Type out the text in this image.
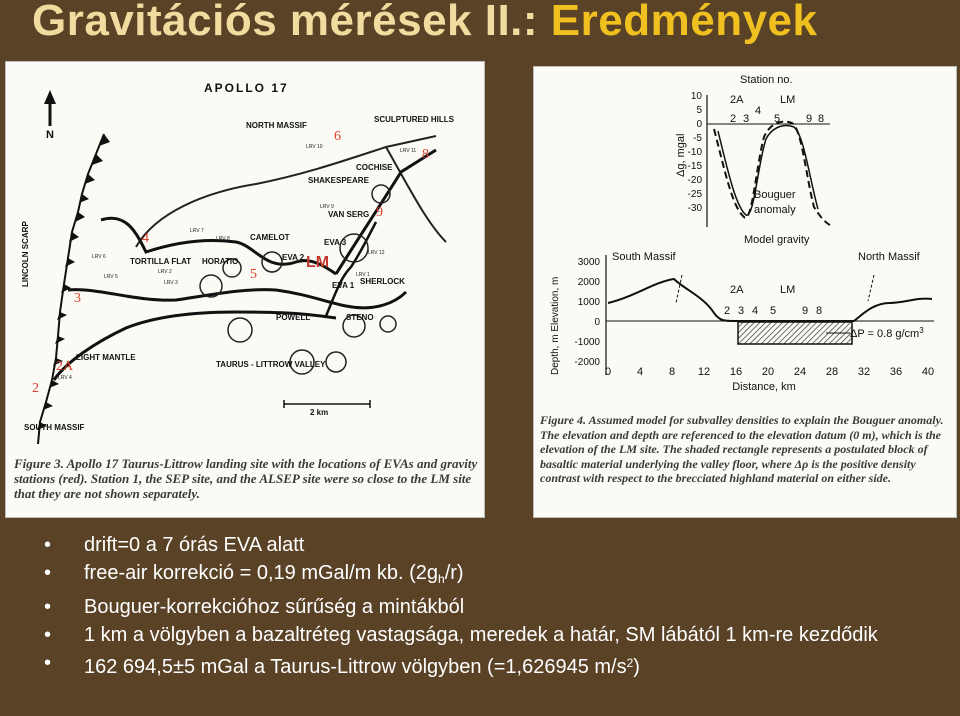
Gravitációs mérések II.: Eredmények
APOLLO 17
N
NORTH MASSIF
SCULPTURED HILLS
COCHISE
SHAKESPEARE
VAN SERG
CAMELOT
TORTILLA FLAT HORATIO	EVA 2 LM
EVA 3
SHERLOCK
EVA 1
POWELL	STENO
LIGHT MANTLE
TAURUS - LITTROW VALLEY
SOUTH MASSIF
LINCOLN SCARP
2 km
LRV 10
LRV 11
LRV 9
LRV 7
LRV 8
LRV 6
LRV 5
LRV 2
LRV 3
LRV 12
LRV 4
LRV 1
6
8
9
4
5
3
2A
2
Figure 3. Apollo 17 Taurus-Littrow landing site with the locations of EVAs and gravity stations (red). Station 1, the SEP site, and the ALSEP site were so close to the LM site that they are not shown separately.
Station no.
2A
2 3
4
LM
5 9 8
10
5
0
-5
-10
-15
-20
-25
-30
Δg, mgal
Bouguer
anomaly
Model gravity
South Massif	North Massif
3000
2000
1000
0
-1000
-2000
Depth, m Elevation, m	2A	LM
2 3 4 5 9 8
ΔP = 0.8 $g/cm^3$
0 4 8 12 16 20 24 28 32 36 40
Distance, km
Figure 4. Assumed model for subvalley densities to explain the Bouguer anomaly. The elevation and depth are referenced to the elevation datum (0 m), which is the elevation of the LM site. The shaded rectangle represents a postulated block of basaltic material underlying the valley floor, where Δρ is the positive density contrast with respect to the brecciated highland material on either side.
• drift=0 a 7 órás EVA alatt
• free-air korrekció = 0,19 mGal/m kb. $(2g_h/r)$
• Bouguer-korrekcióhoz sűrűség a mintákból
• 1 km a völgyben a bazaltréteg vastagsága, meredek a határ, SM lábától 1 km-re kezdődik
• 162 694,5±5 mGal a Taurus-Littrow völgyben (=1,626945 $m/s^2$)
